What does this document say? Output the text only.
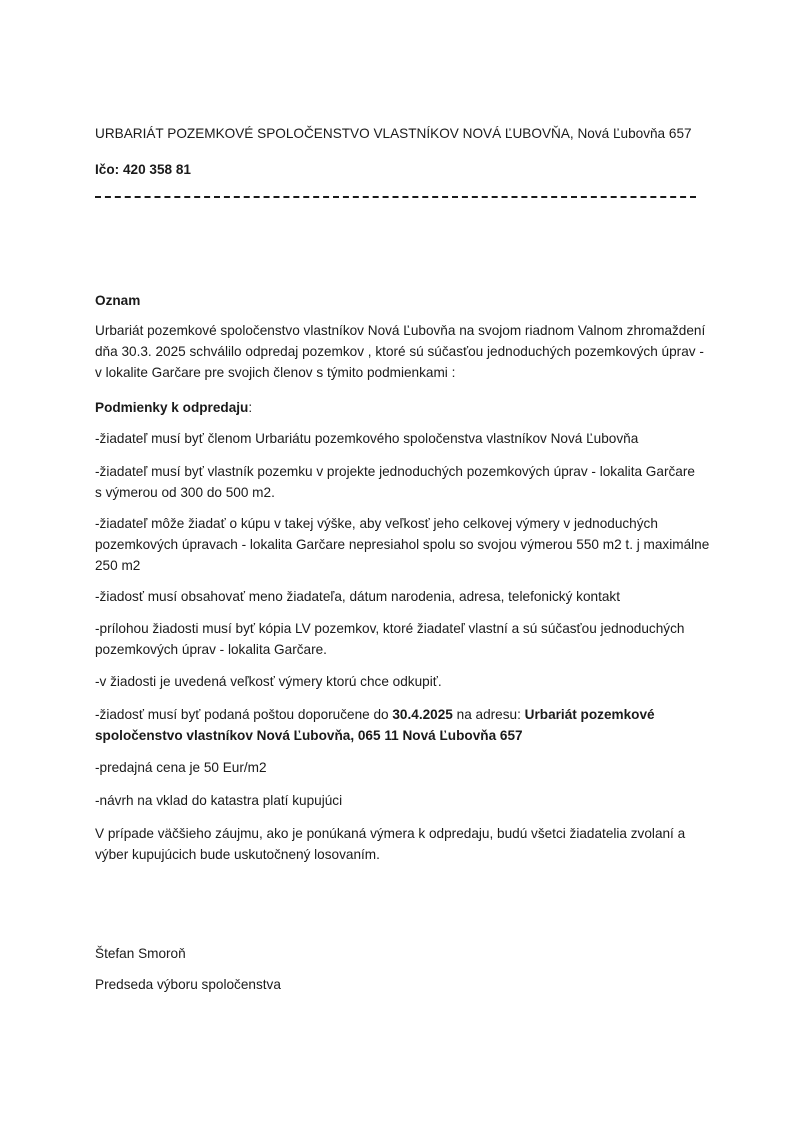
URBARIÁT POZEMKOVÉ SPOLOČENSTVO VLASTNÍKOV NOVÁ ĽUBOVŇA, Nová Ľubovňa 657

Ičo: 420 358 81

Oznam

Urbariát pozemkové spoločenstvo vlastníkov Nová Ľubovňa na svojom riadnom Valnom zhromaždení dňa 30.3. 2025 schválilo odpredaj pozemkov , ktoré sú súčasťou jednoduchých pozemkových úprav - v lokalite Garčare pre svojich členov s týmito podmienkami :

Podmienky k odpredaju:

-žiadateľ musí byť členom Urbariátu pozemkového spoločenstva vlastníkov Nová Ľubovňa

-žiadateľ musí byť vlastník pozemku v projekte jednoduchých pozemkových úprav - lokalita Garčare s výmerou od 300 do 500 m2.

-žiadateľ môže žiadať o kúpu v takej výške, aby veľkosť jeho celkovej výmery v jednoduchých pozemkových úpravach - lokalita Garčare nepresiahol spolu so svojou výmerou 550 m2 t. j maximálne 250 m2

-žiadosť musí obsahovať meno žiadateľa, dátum narodenia, adresa, telefonický kontakt

-prílohou žiadosti musí byť kópia LV pozemkov, ktoré žiadateľ vlastní a sú súčasťou jednoduchých pozemkových úprav - lokalita Garčare.

-v žiadosti je uvedená veľkosť výmery ktorú chce odkupiť.

-žiadosť musí byť podaná poštou doporučene do 30.4.2025 na adresu: Urbariát pozemkové spoločenstvo vlastníkov Nová Ľubovňa, 065 11 Nová Ľubovňa 657

-predajná cena je 50 Eur/m2

-návrh na vklad do katastra platí kupujúci

V prípade väčšieho záujmu, ako je ponúkaná výmera k odpredaju, budú všetci žiadatelia zvolaní a výber kupujúcich bude uskutočnený losovaním.

Štefan Smoroň

Predseda výboru spoločenstva
